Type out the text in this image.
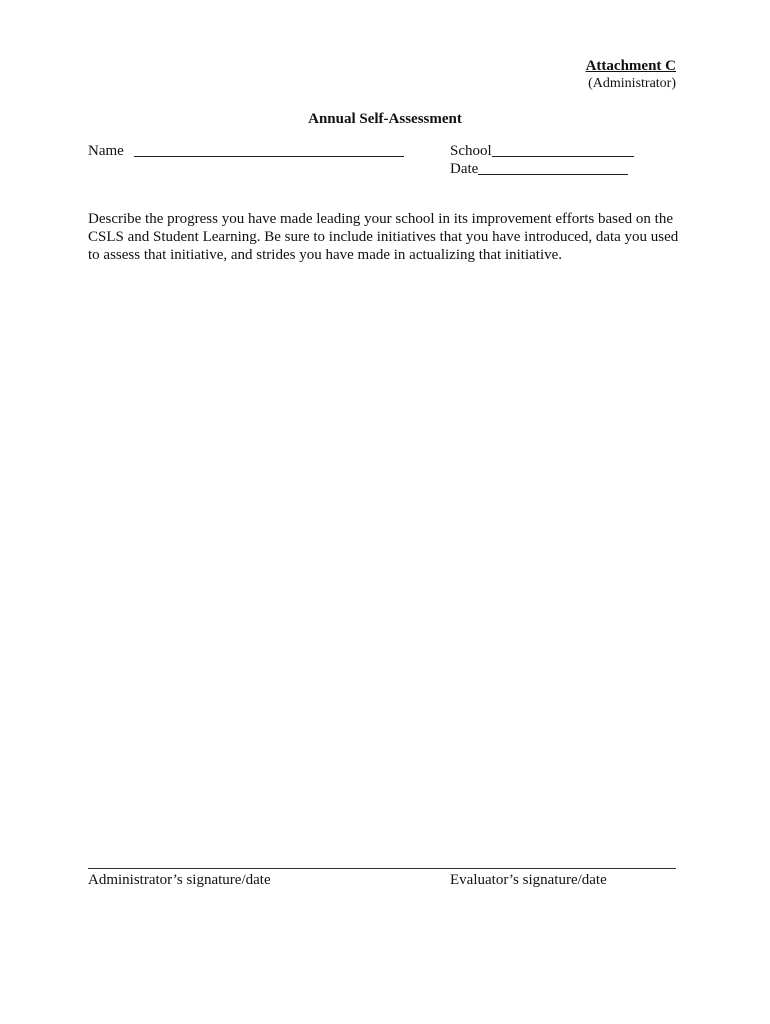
Attachment C
(Administrator)
Annual Self-Assessment
Name	School
Date

Describe the progress you have made leading your school in its improvement efforts based on the CSLS and Student Learning. Be sure to include initiatives that you have introduced, data you used to assess that initiative, and strides you have made in actualizing that initiative.

Administrator’s signature/date	Evaluator’s signature/date
